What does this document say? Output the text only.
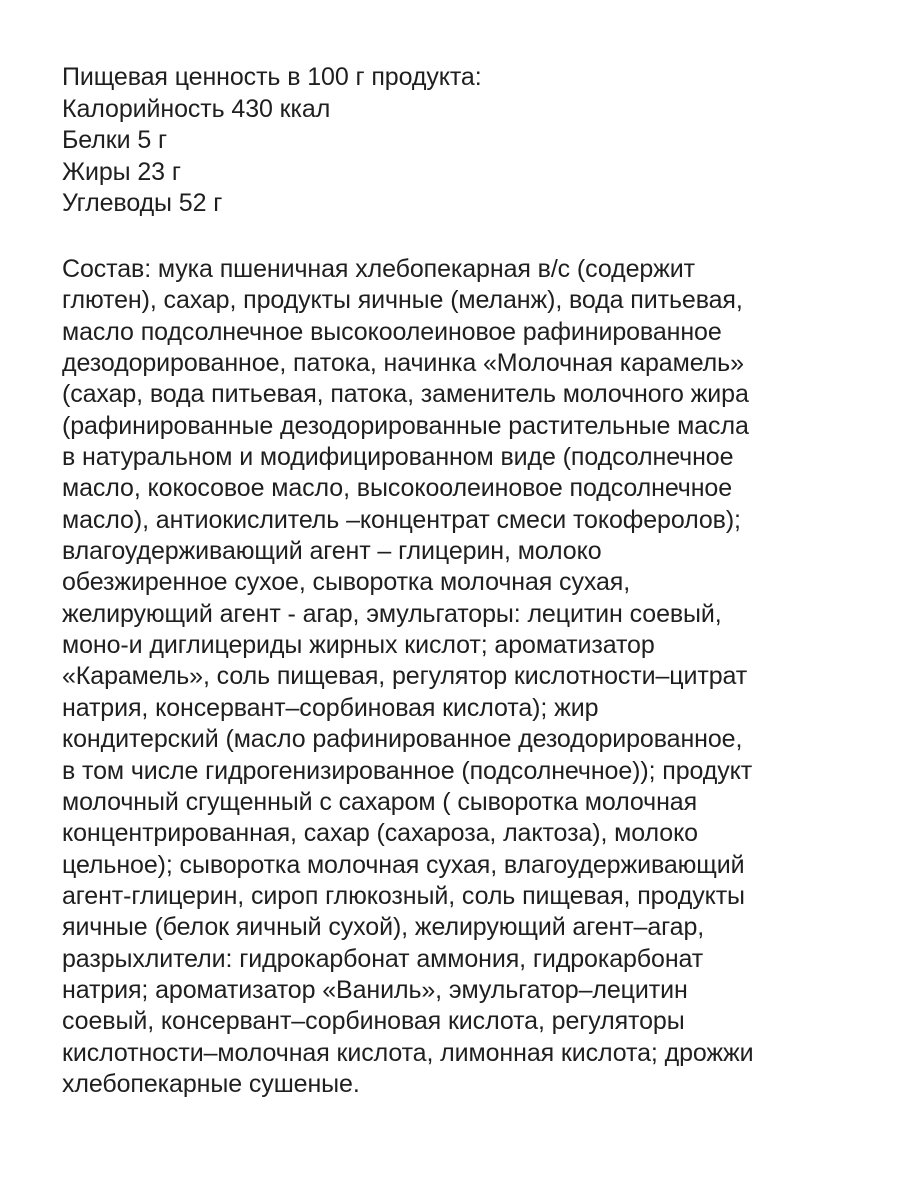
Пищевая ценность в 100 г продукта:
Калорийность 430 ккал
Белки 5 г
Жиры 23 г
Углеводы 52 г
Состав: мука пшеничная хлебопекарная в/с (содержит
глютен), сахар, продукты яичные (меланж), вода питьевая,
масло подсолнечное высокоолеиновое рафинированное
дезодорированное, патока, начинка «Молочная карамель»
(сахар, вода питьевая, патока, заменитель молочного жира
(рафинированные дезодорированные растительные масла
в натуральном и модифицированном виде (подсолнечное
масло, кокосовое масло, высокоолеиновое подсолнечное
масло), антиокислитель –концентрат смеси токоферолов);
влагоудерживающий агент – глицерин, молоко
обезжиренное сухое, сыворотка молочная сухая,
желирующий агент - агар, эмульгаторы: лецитин соевый,
моно-и диглицериды жирных кислот; ароматизатор
«Карамель», соль пищевая, регулятор кислотности–цитрат
натрия, консервант–сорбиновая кислота); жир
кондитерский (масло рафинированное дезодорированное,
в том числе гидрогенизированное (подсолнечное)); продукт
молочный сгущенный с сахаром ( сыворотка молочная
концентрированная, сахар (сахароза, лактоза), молоко
цельное); сыворотка молочная сухая, влагоудерживающий
агент-глицерин, сироп глюкозный, соль пищевая, продукты
яичные (белок яичный сухой), желирующий агент–агар,
разрыхлители: гидрокарбонат аммония, гидрокарбонат
натрия; ароматизатор «Ваниль», эмульгатор–лецитин
соевый, консервант–сорбиновая кислота, регуляторы
кислотности–молочная кислота, лимонная кислота; дрожжи
хлебопекарные сушеные.
